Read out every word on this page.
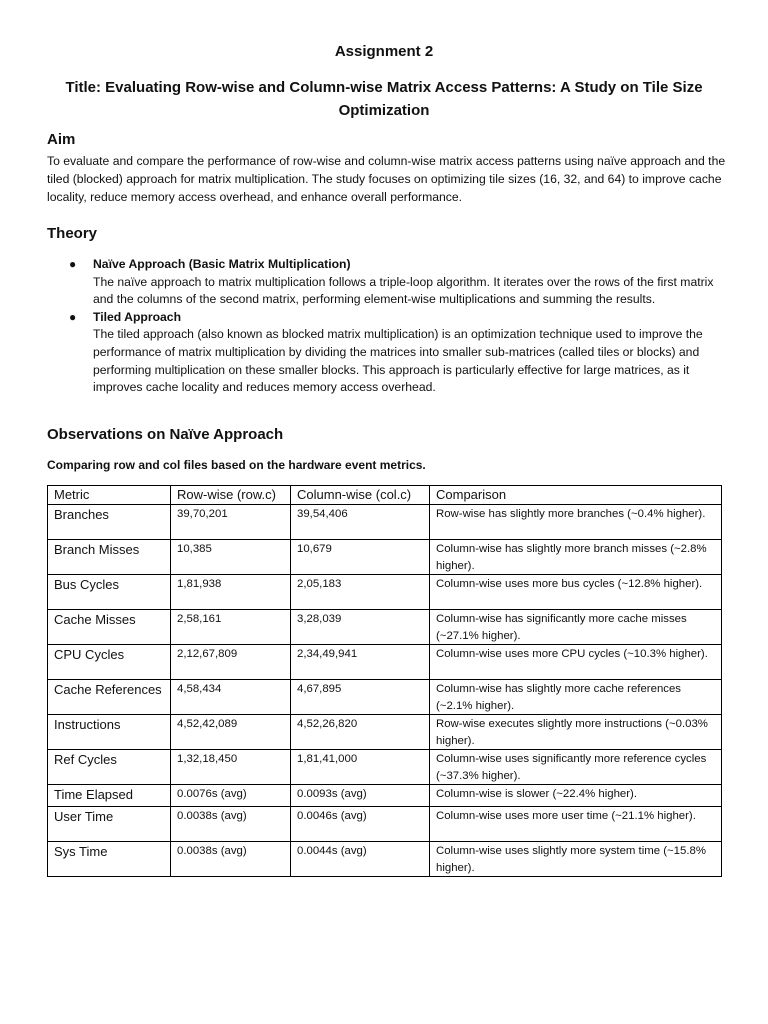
Assignment 2
Title: Evaluating Row-wise and Column-wise Matrix Access Patterns: A Study on Tile Size Optimization
Aim
To evaluate and compare the performance of row-wise and column-wise matrix access patterns using naïve approach and the tiled (blocked) approach for matrix multiplication. The study focuses on optimizing tile sizes (16, 32, and 64) to improve cache locality, reduce memory access overhead, and enhance overall performance.
Theory
● Naïve Approach (Basic Matrix Multiplication)
The naïve approach to matrix multiplication follows a triple-loop algorithm. It iterates over the rows of the first matrix and the columns of the second matrix, performing element-wise multiplications and summing the results.
● Tiled Approach
The tiled approach (also known as blocked matrix multiplication) is an optimization technique used to improve the performance of matrix multiplication by dividing the matrices into smaller sub-matrices (called tiles or blocks) and performing multiplication on these smaller blocks. This approach is particularly effective for large matrices, as it improves cache locality and reduces memory access overhead.
Observations on Naïve Approach
Comparing row and col files based on the hardware event metrics.
Metric	Row-wise (row.c)	Column-wise (col.c)	Comparison
Branches	39,70,201	39,54,406	Row-wise has slightly more branches (~0.4% higher).
Branch Misses	10,385	10,679	Column-wise has slightly more branch misses (~2.8% higher).
Bus Cycles	1,81,938	2,05,183	Column-wise uses more bus cycles (~12.8% higher).
Cache Misses	2,58,161	3,28,039	Column-wise has significantly more cache misses (~27.1% higher).
CPU Cycles	2,12,67,809	2,34,49,941	Column-wise uses more CPU cycles (~10.3% higher).
Cache References	4,58,434	4,67,895	Column-wise has slightly more cache references (~2.1% higher).
Instructions	4,52,42,089	4,52,26,820	Row-wise executes slightly more instructions (~0.03% higher).
Ref Cycles	1,32,18,450	1,81,41,000	Column-wise uses significantly more reference cycles (~37.3% higher).
Time Elapsed	0.0076s (avg)	0.0093s (avg)	Column-wise is slower (~22.4% higher).
User Time	0.0038s (avg)	0.0046s (avg)	Column-wise uses more user time (~21.1% higher).
Sys Time	0.0038s (avg)	0.0044s (avg)	Column-wise uses slightly more system time (~15.8% higher).
